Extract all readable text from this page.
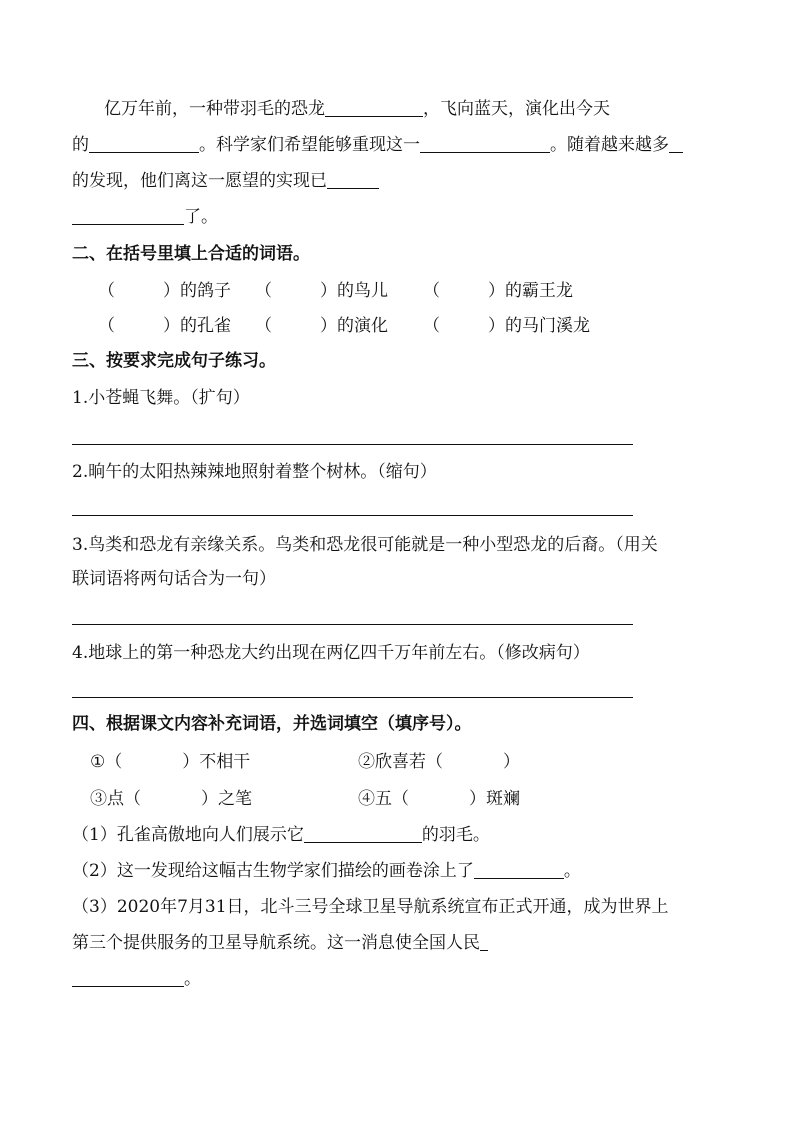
亿万年前，一种带羽毛的恐龙	，飞向蓝天，演化出今天
的	。科学家们希望能够重现这一	。随着越来越多
的发现，他们离这一愿望的实现已
了。
二、在括号里填上合适的词语。
（	）的鸽子 （	）的鸟儿 （	）的霸王龙
（	）的孔雀 （	）的演化 （	）的马门溪龙
三、按要求完成句子练习。
1.小苍蝇飞舞。（扩句）
2.晌午的太阳热辣辣地照射着整个树林。（缩句）
3.鸟类和恐龙有亲缘关系。鸟类和恐龙很可能就是一种小型恐龙的后裔。（用关
联词语将两句话合为一句）
4.地球上的第一种恐龙大约出现在两亿四千万年前左右。（修改病句）
四、根据课文内容补充词语，并选词填空（填序号）。
①（	）不相干	②欣喜若（	）
③点（	）之笔	④五（	）斑斓
（1）孔雀高傲地向人们展示它	的羽毛。
（2）这一发现给这幅古生物学家们描绘的画卷涂上了	。
（3）2020年7月31日，北斗三号全球卫星导航系统宣布正式开通，成为世界上
第三个提供服务的卫星导航系统。这一消息使全国人民
。
